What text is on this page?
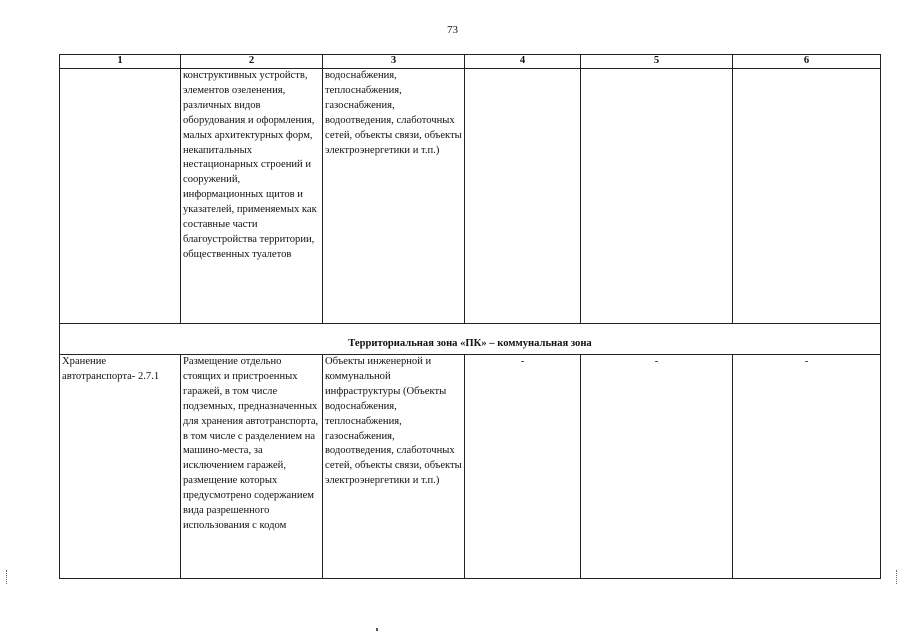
73
1	2	3	4	5	6
	конструктивных устройств, элементов озеленения, различных видов оборудования и оформления, малых архитектурных форм, некапитальных нестационарных строений и сооружений, информационных щитов и указателей, применяемых как составные части благоустройства территории, общественных туалетов	водоснабжения, теплоснабжения, газоснабжения, водоотведения, слаботочных сетей, объекты связи, объекты электроэнергетики и т.п.)			
Территориальная зона «ПК» – коммунальная зона					
Хранение автотранспорта- 2.7.1	Размещение отдельно стоящих и пристроенных гаражей, в том числе подземных, предназначенных для хранения автотранспорта, в том числе с разделением на машино-места, за исключением гаражей, размещение которых предусмотрено содержанием вида разрешенного использования с кодом	Объекты инженерной и коммунальной инфраструктуры (Объекты водоснабжения, теплоснабжения, газоснабжения, водоотведения, слаботочных сетей, объекты связи, объекты электроэнергетики и т.п.)	-	-	-
